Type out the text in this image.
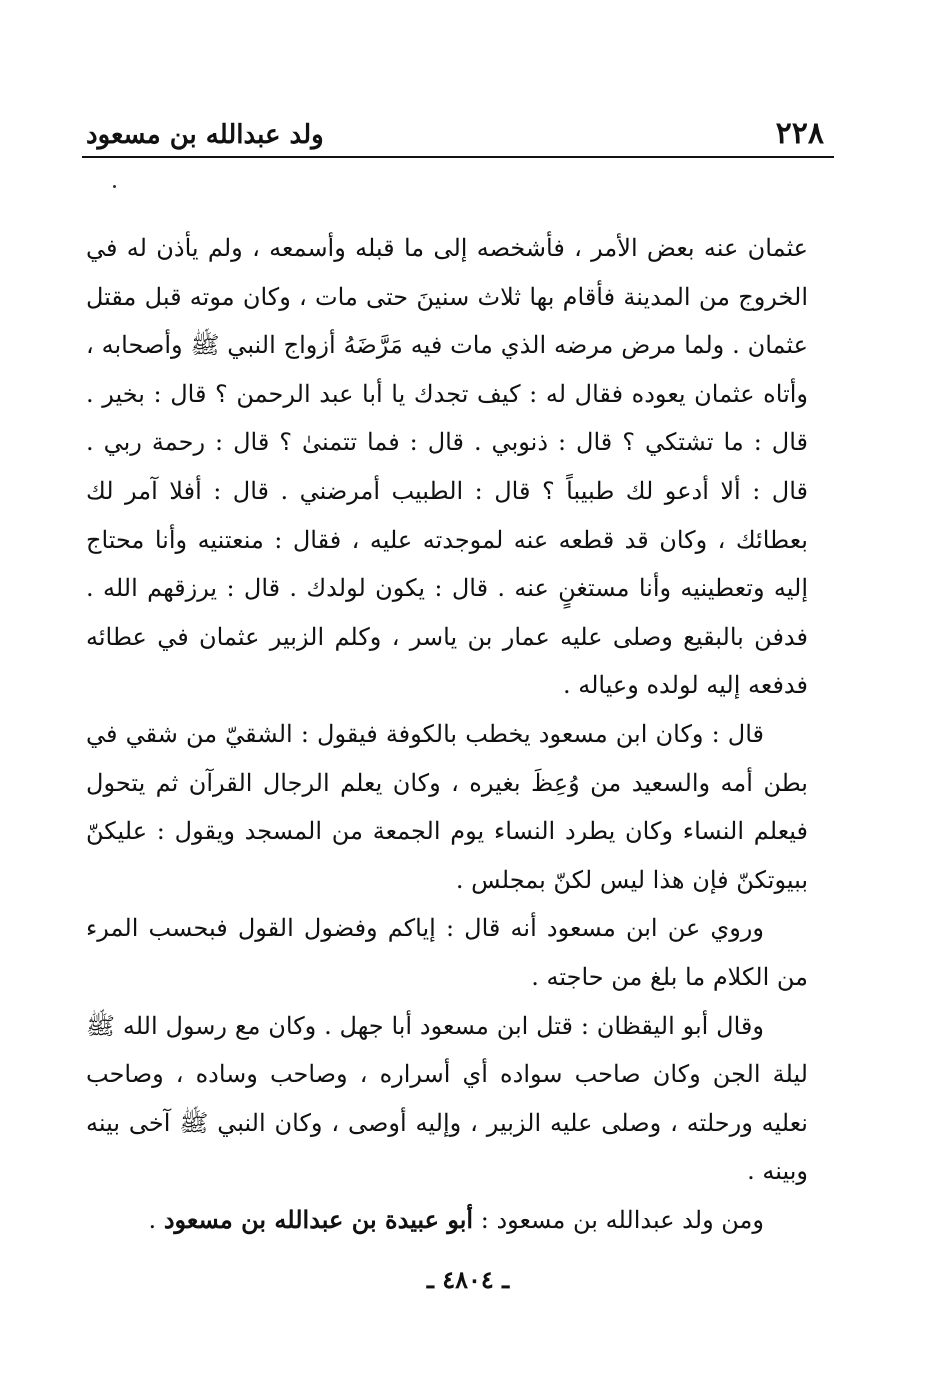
٢٢٨
ولد عبدالله بن مسعود

عثمان عنه بعض الأمر ، فأشخصه إلى ما قبله وأسمعه ، ولم يأذن له في الخروج من المدينة فأقام بها ثلاث سنينَ حتى مات ، وكان موته قبل مقتل عثمان . ولما مرض مرضه الذي مات فيه مَرَّضَهُ أزواج النبي ﷺ وأصحابه ، وأتاه عثمان يعوده فقال له : كيف تجدك يا أبا عبد الرحمن ؟ قال : بخير . قال : ما تشتكي ؟ قال : ذنوبي . قال : فما تتمنىٰ ؟ قال : رحمة ربي . قال : ألا أدعو لك طبيباً ؟ قال : الطبيب أمرضني . قال : أفلا آمر لك بعطائك ، وكان قد قطعه عنه لموجدته عليه ، فقال : منعتنيه وأنا محتاج إليه وتعطينيه وأنا مستغنٍ عنه . قال : يكون لولدك . قال : يرزقهم الله . فدفن بالبقيع وصلى عليه عمار بن ياسر ، وكلم الزبير عثمان في عطائه فدفعه إليه لولده وعياله .

قال : وكان ابن مسعود يخطب بالكوفة فيقول : الشقيّ من شقي في بطن أمه والسعيد من وُعِظَ بغيره ، وكان يعلم الرجال القرآن ثم يتحول فيعلم النساء وكان يطرد النساء يوم الجمعة من المسجد ويقول : عليكنّ ببيوتكنّ فإن هذا ليس لكنّ بمجلس .

وروي عن ابن مسعود أنه قال : إياكم وفضول القول فبحسب المرء من الكلام ما بلغ من حاجته .

وقال أبو اليقظان : قتل ابن مسعود أبا جهل . وكان مع رسول الله ﷺ ليلة الجن وكان صاحب سواده أي أسراره ، وصاحب وساده ، وصاحب نعليه ورحلته ، وصلى عليه الزبير ، وإليه أوصى ، وكان النبي ﷺ آخى بينه وبينه .

ومن ولد عبدالله بن مسعود : أبو عبيدة بن عبدالله بن مسعود .

ـ ٤٨٠٤ ـ
